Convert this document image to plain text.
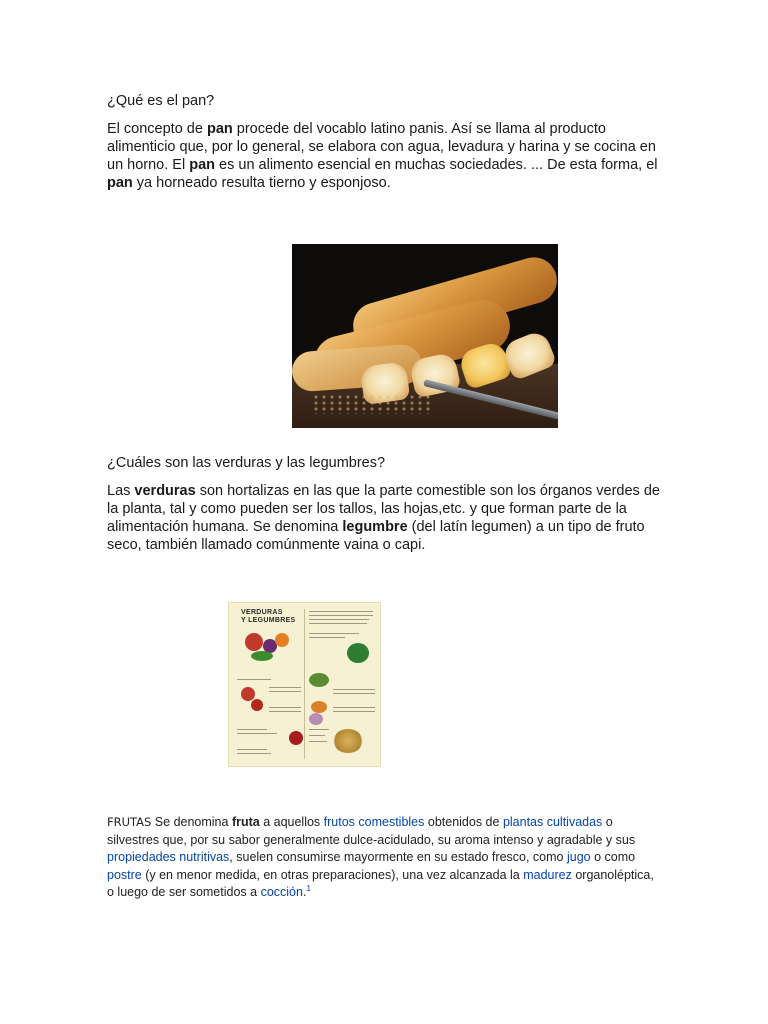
¿Qué es el pan?

El concepto de pan procede del vocablo latino panis. Así se llama al producto alimenticio que, por lo general, se elabora con agua, levadura y harina y se cocina en un horno. El pan es un alimento esencial en muchas sociedades. ... De esta forma, el pan ya horneado resulta tierno y esponjoso.

¿Cuáles son las verduras y las legumbres?

Las verduras son hortalizas en las que la parte comestible son los órganos verdes de la planta, tal y como pueden ser los tallos, las hojas,etc. y que forman parte de la alimentación humana. Se denomina legumbre (del latín legumen) a un tipo de fruto seco, también llamado comúnmente vaina o capi.

VERDURAS
Y LEGUMBRES

FRUTAS Se denomina fruta a aquellos frutos comestibles obtenidos de plantas cultivadas o silvestres que, por su sabor generalmente dulce-acidulado, su aroma intenso y agradable y sus propiedades nutritivas, suelen consumirse mayormente en su estado fresco, como jugo o como postre (y en menor medida, en otras preparaciones), una vez alcanzada la madurez organoléptica, o luego de ser sometidos a cocción.$^1$
